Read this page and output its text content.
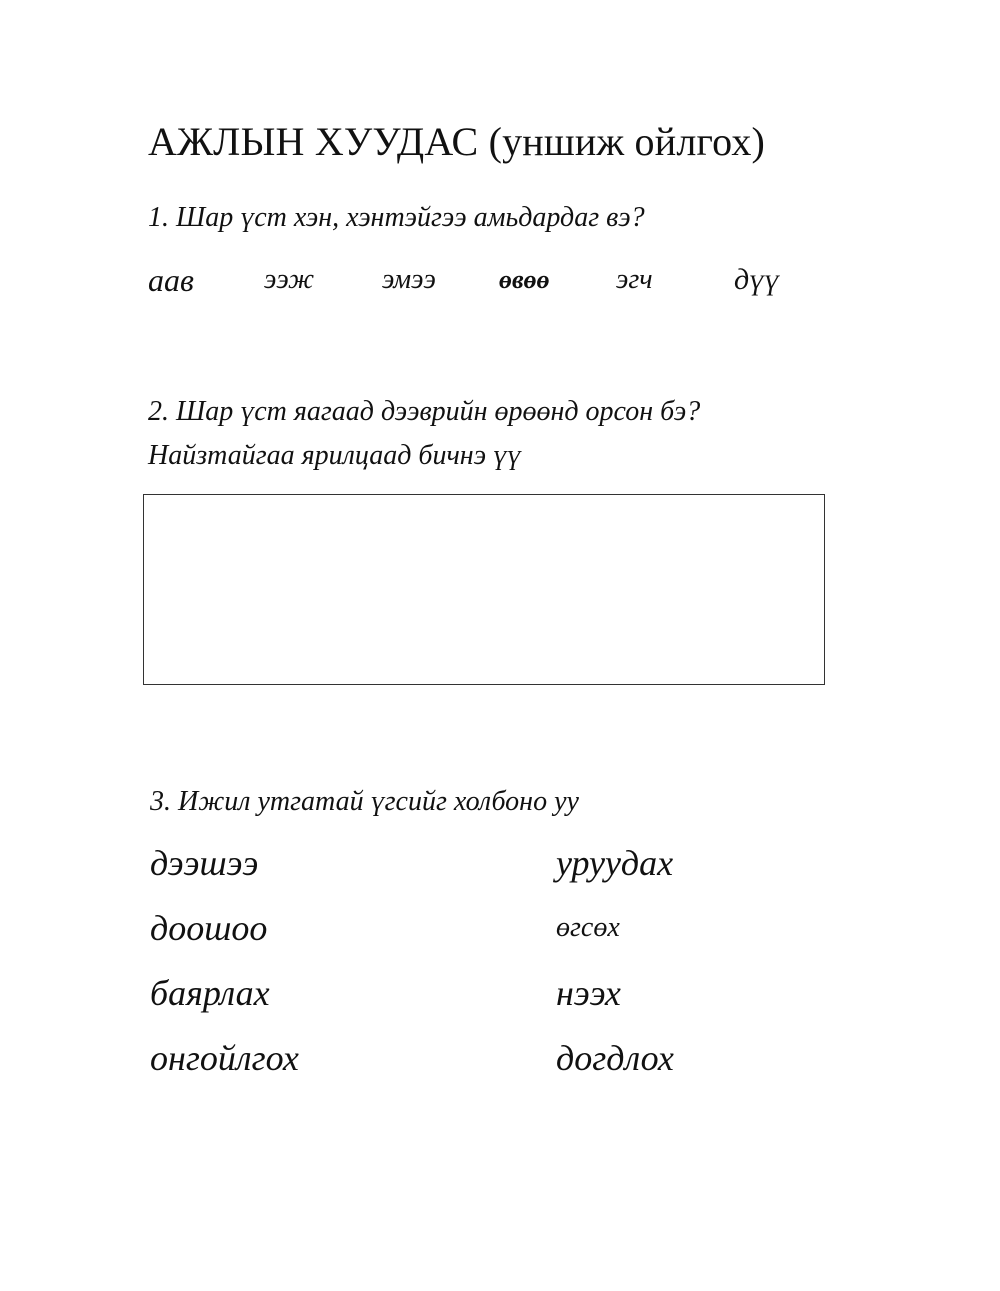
АЖЛЫН ХУУДАС (уншиж ойлгох)
1. Шар үст хэн, хэнтэйгээ амьдардаг вэ?
аав	ээж эмээ өвөө эгч	дүү
2. Шар үст яагаад дээврийн өрөөнд орсон бэ?
Найзтайгаа ярилцаад бичнэ үү
3. Ижил утгатай үгсийг холбоно уу
дээшээ
доошоо
баярлах
онгойлгох
уруудах
өгсөх
нээх
догдлох
